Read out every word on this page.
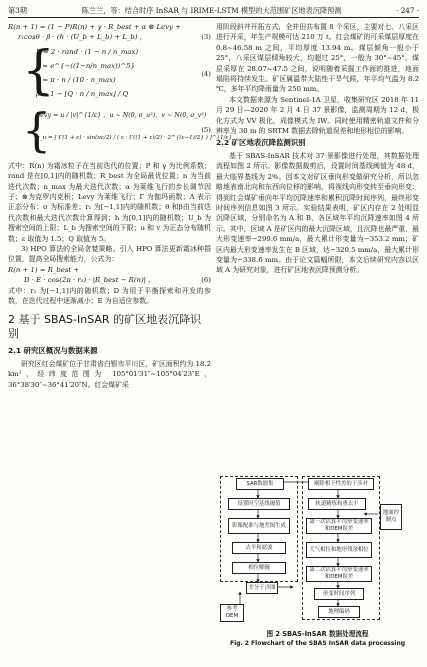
第3期	陈兰兰，等：结合时序 InSAR 与 IRIME-LSTM 模型的大范围矿区地表沉降预测	· 247 ·
R(n + 1) = (1 − P)R(n) + γ · R_best + α ⊗ Levy +
r₁cosθ · β · (h · (U_b + L_b) + L_b) ，	(3)
{
P = 2 · rand · (1 − n / n_max)
γ = e^{−((1−n/n_max))^5}
θ = π · n / (10 · n_max)
β = 1 − ⌊Q · n / n_max⌋ / Q
(4)
{
Levy = u / |v|^{1/ε} ，u ~ N(0, σ_u²)，v ~ N(0, σ_v²)
σ_u = [ Γ(1 + ε) · sin(πε/2) / ( ε · Γ((1 + ε)/2) · 2^{(ε−1)/2} ) ]^{1/ε}
(5)
式中：R(n) 为霜冰粒子在当前迭代的位置；P 和 γ 为比例系数；rand 是在[0,1]内的随机数；R_best 为全局最优位置；n 为当前迭代次数；n_max 为最大迭代次数；α 为莱维飞行的步长调节因子；⊗为克罗内克积；Levy 为莱维飞行；Γ 为伽玛函数；Λ 表示正态分布；σ 为标准差；r₁ 为[−1,1]内的随机数；θ 和β由当前迭代次数和最大迭代次数计算得到；h 为[0,1]内的随机数；U_b 为搜索空间的上限；L_b 为搜索空间的下限；u 和 v 为正态分布随机数；ε 取值为 1.5；Q 取值为 5。
3) HPO 算法的全局贪婪策略。引入 HPO 算法更新霜冰种群位置，提高全局搜索能力，公式为：
R(n + 1) = R_best +
D · E · cos(2π · r₂) · |R_best − R(n)| ，	(6)
式中：r₂ 为[−1,1]内的随机数；D 为用于平衡探索和开发的参数，在迭代过程中逐渐减小；E 为自适应参数。
2 基于 SBAS-InSAR 的矿区地表沉降识别
2.1 研究区概况与数据来源
研究区红会煤矿位于甘肃省白银市平川区，矿区面积约为 18.2 km²，经纬度范围为 105°01′31″~105°04′23″E，36°38′30″~36°41′20″N。红会煤矿采
用阶段斜井开拓方式，全井田共布置 8 个采区，主要对七、八采区进行开采，年生产规模可达 210 万 t。红会煤矿的可采煤层厚度在 0.8~46.58 m 之间，平均厚度 13.94 m。煤层倾角一般小于 25°，八采区煤层倾角较大，均超过 25°，一般为 30°~45°。煤层采厚在 28.07~47.5 之间，说明随着采掘工作面的推进，地面塌陷将持续发生。矿区属温带大陆性干旱气候，年平均气温为 8.2 ℃，多年平均降雨量为 250 mm。
本文数据来源为 Sentinel-1A 卫星，收集研究区 2018 年 11 月 29 日—2020 年 2 月 4 日 37 景影像，监测周期为 12 d，极化方式为 VV 极化，成像模式为 IW。同时使用精密轨道文件和分辨率为 30 m 的 SRTM 数据去除轨道误差和地形相位的影响。
2.2 矿区地表沉降监测识别
基于 SBAS-InSAR 技术对 37 景影像进行处理，其数据处理流程如图 2 所示。影像数据裁剪后，设置时间基线阈值为 48 d，最大临界基线为 2%。因本文对矿区垂向形变做研究分析，所以忽略地表南北向和东西向位移的影响，将视线向形变转至垂向形变；得到红会煤矿垂向年平均沉降速率和累积沉降时间序列，最终形变时间序列信息如图 3 所示。实验结果表明，矿区内存在 2 处明显沉降区域，分别命名为 A 和 B，各区域年平均沉降速率如图 4 所示。其中，区域 A 是矿区内的最大沉降区域，且沉降也最严重，最大形变速率−299.6 mm/a，最大累计形变量为−353.2 mm；矿区内最大形变速率发生在 B 区域，达−320.5 mm/a，最大累计形变量为−338.6 mm。由于论文篇幅所限，本文后续研究内容以区域 A 为研究对象，进行矿区地表沉降预测分析。
SAR数据集
设置时空基线阈值
影像配准与地差图生成
去平和滤波
相位解缠
参考DEM
差分干涉图
剔除相干性差的干涉对
轨道精炼和重去平
第一次估算平均形变速率和DEM误差
大气相位和地形残余相位
第二次估算平均形变速率和DEM误差
形变时间序列
地理编码
地面控制点
图 2 SBAS-InSAR 数据处理流程
Fig. 2 Flowchart of the SBAS InSAR data processing
